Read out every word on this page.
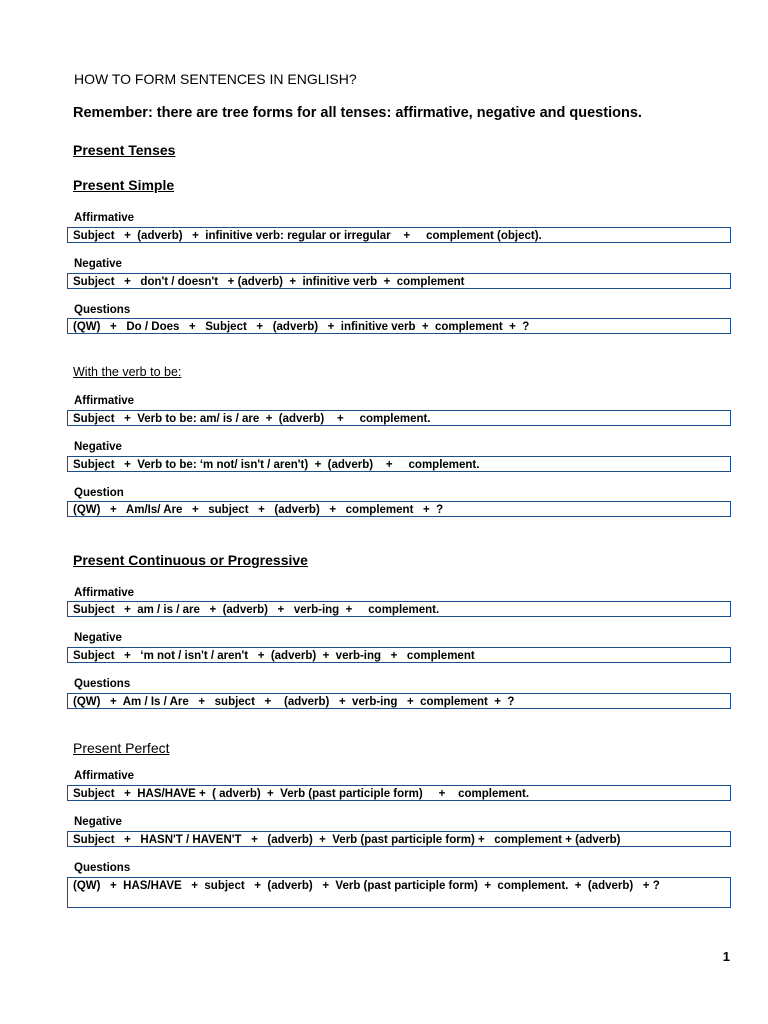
HOW TO FORM SENTENCES IN ENGLISH?
Remember: there are tree forms for all tenses: affirmative, negative and questions.
Present Tenses
Present Simple
Affirmative
Subject   +  (adverb)   +  infinitive verb: regular or irregular    +     complement (object).
Negative
Subject   +   don't / doesn't   + (adverb)  +  infinitive verb  +  complement
Questions
(QW)   +   Do / Does   +   Subject   +   (adverb)   +  infinitive verb  +  complement  +  ?
With the verb to be:
Affirmative
Subject   +  Verb to be: am/ is / are  +  (adverb)    +     complement.
Negative
Subject   +  Verb to be: ‘m not/ isn't / aren't)  +  (adverb)    +     complement.
Question
(QW)   +   Am/Is/ Are   +   subject   +   (adverb)   +   complement   +  ?
Present Continuous or Progressive
Affirmative
Subject   +  am / is / are   +  (adverb)   +   verb-ing  +     complement.
Negative
Subject   +   ‘m not / isn't / aren't   +  (adverb)  +  verb-ing   +   complement
Questions
(QW)   +  Am / Is / Are   +   subject   +    (adverb)   +  verb-ing   +  complement  +  ?
Present Perfect
Affirmative
Subject   +  HAS/HAVE +  ( adverb)  +  Verb (past participle form)     +    complement.
Negative
Subject   +   HASN'T / HAVEN'T   +   (adverb)  +  Verb (past participle form) +   complement + (adverb)
Questions
(QW)   +  HAS/HAVE   +  subject   +  (adverb)   +  Verb (past participle form)  +  complement.  +  (adverb)   + ?
1
